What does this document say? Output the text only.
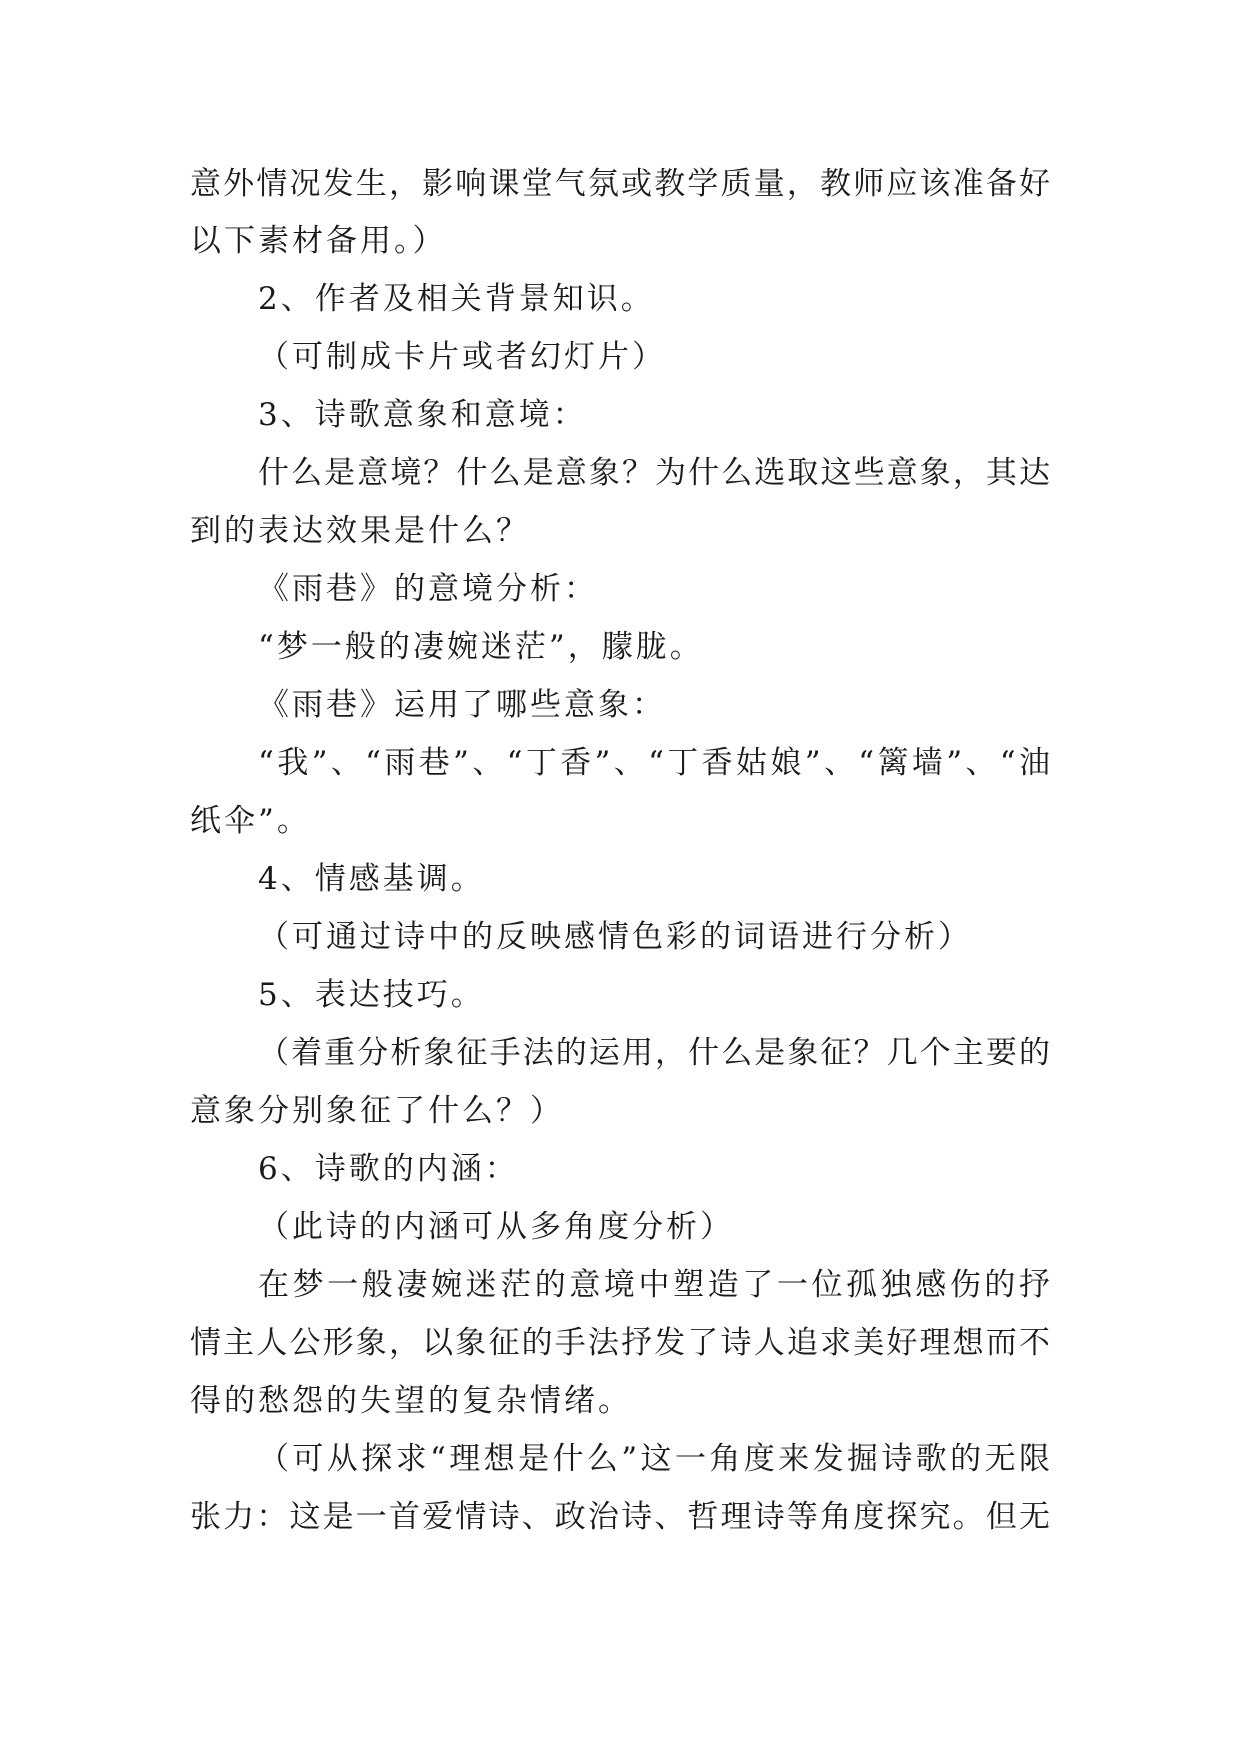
意外情况发生，影响课堂气氛或教学质量，教师应该准备好
以下素材备用。）
2、作者及相关背景知识。
（可制成卡片或者幻灯片）
3、诗歌意象和意境：
什么是意境？什么是意象？为什么选取这些意象，其达
到的表达效果是什么？
《雨巷》的意境分析：
“梦一般的凄婉迷茫”，朦胧。
《雨巷》运用了哪些意象：
“我”、“雨巷”、“丁香”、“丁香姑娘”、“篱墙”、“油
纸伞”。
4、情感基调。
（可通过诗中的反映感情色彩的词语进行分析）
5、表达技巧。
（着重分析象征手法的运用，什么是象征？几个主要的
意象分别象征了什么？）
6、诗歌的内涵：
（此诗的内涵可从多角度分析）
在梦一般凄婉迷茫的意境中塑造了一位孤独感伤的抒
情主人公形象，以象征的手法抒发了诗人追求美好理想而不
得的愁怨的失望的复杂情绪。
（可从探求“理想是什么”这一角度来发掘诗歌的无限
张力：这是一首爱情诗、政治诗、哲理诗等角度探究。但无
